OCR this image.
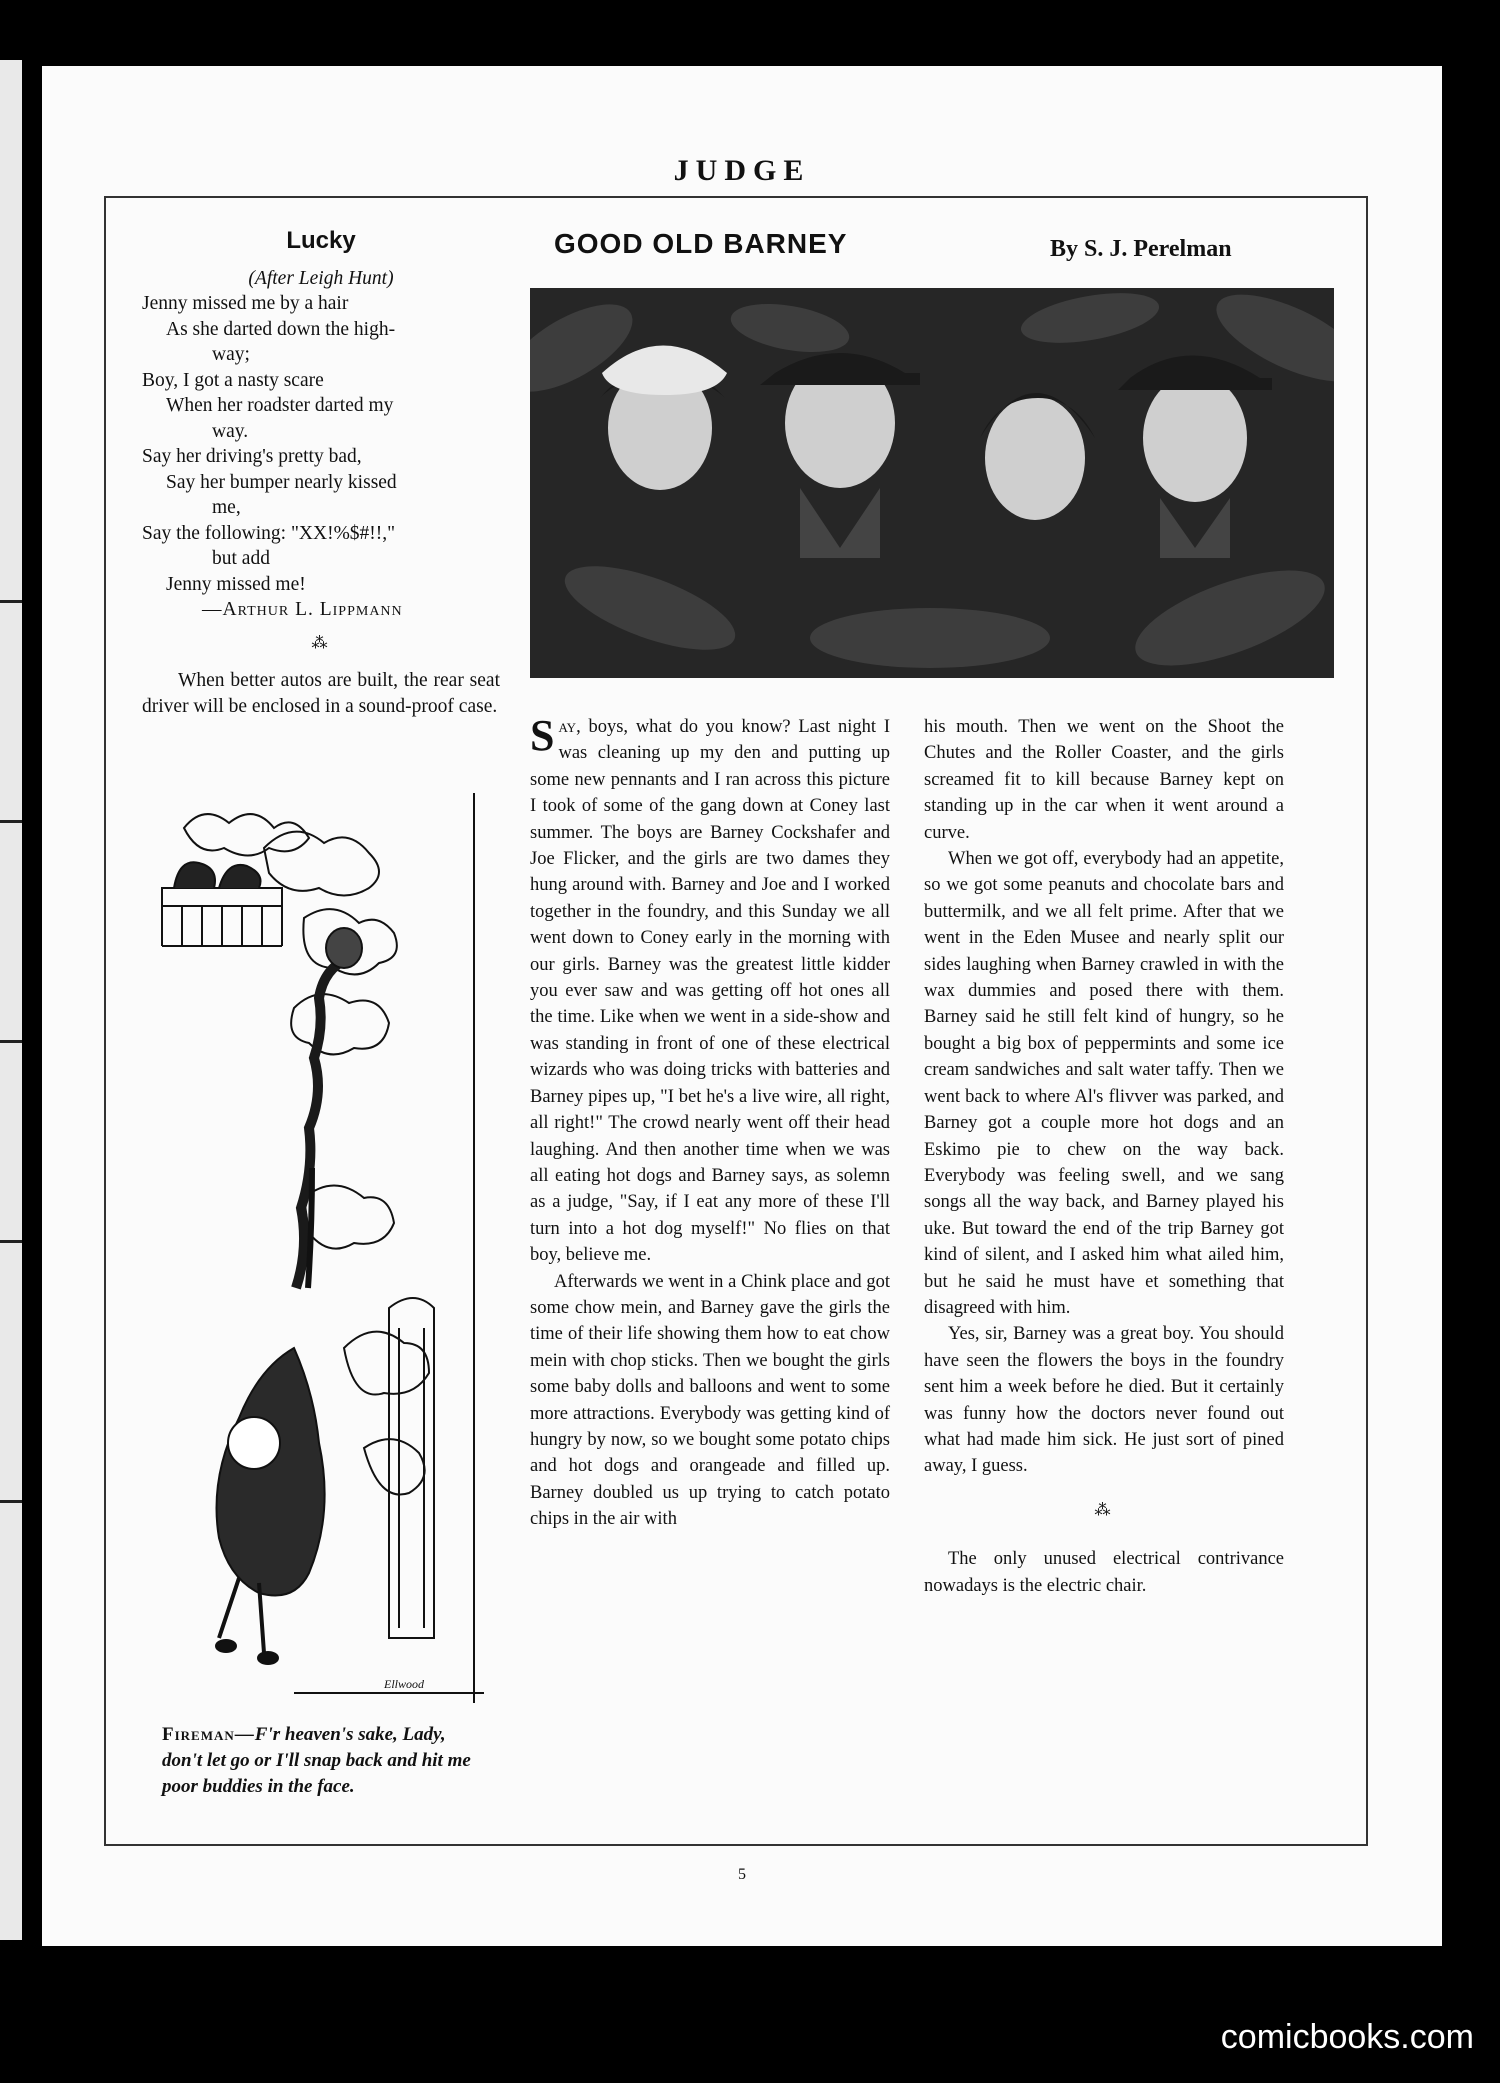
JUDGE
Lucky
(After Leigh Hunt)
Jenny missed me by a hair
As she darted down the high-
way;
Boy, I got a nasty scare
When her roadster darted my
way.
Say her driving's pretty bad,
Say her bumper nearly kissed
me,
Say the following: "XX!%$#!!,"
but add
Jenny missed me!
—Arthur L. Lippmann
⁂

When better autos are built, the rear seat driver will be enclosed in a sound-proof case.

Ellwood
Fireman—F'r heaven's sake, Lady, don't let go or I'll snap back and hit me poor buddies in the face.
GOOD OLD BARNEY	By S. J. Perelman
5

Say, boys, what do you know? Last night I was cleaning up my den and putting up some new pennants and I ran across this picture I took of some of the gang down at Coney last summer. The boys are Barney Cockshafer and Joe Flicker, and the girls are two dames they hung around with. Barney and Joe and I worked together in the foundry, and this Sunday we all went down to Coney early in the morning with our girls. Barney was the greatest little kidder you ever saw and was getting off hot ones all the time. Like when we went in a side-show and was standing in front of one of these electrical wizards who was doing tricks with batteries and Barney pipes up, "I bet he's a live wire, all right, all right!" The crowd nearly went off their head laughing. And then another time when we was all eating hot dogs and Barney says, as solemn as a judge, "Say, if I eat any more of these I'll turn into a hot dog myself!" No flies on that boy, believe me.

Afterwards we went in a Chink place and got some chow mein, and Barney gave the girls the time of their life showing them how to eat chow mein with chop sticks. Then we bought the girls some baby dolls and balloons and went to some more attractions. Everybody was getting kind of hungry by now, so we bought some potato chips and hot dogs and orangeade and filled up. Barney doubled us up trying to catch potato chips in the air with

his mouth. Then we went on the Shoot the Chutes and the Roller Coaster, and the girls screamed fit to kill because Barney kept on standing up in the car when it went around a curve.

When we got off, everybody had an appetite, so we got some peanuts and chocolate bars and buttermilk, and we all felt prime. After that we went in the Eden Musee and nearly split our sides laughing when Barney crawled in with the wax dummies and posed there with them. Barney said he still felt kind of hungry, so he bought a big box of peppermints and some ice cream sandwiches and salt water taffy. Then we went back to where Al's flivver was parked, and Barney got a couple more hot dogs and an Eskimo pie to chew on the way back. Everybody was feeling swell, and we sang songs all the way back, and Barney played his uke. But toward the end of the trip Barney got kind of silent, and I asked him what ailed him, but he said he must have et something that disagreed with him.

Yes, sir, Barney was a great boy. You should have seen the flowers the boys in the foundry sent him a week before he died. But it certainly was funny how the doctors never found out what had made him sick. He just sort of pined away, I guess.

⁂

The only unused electrical contrivance nowadays is the electric chair.

comicbooks.com
